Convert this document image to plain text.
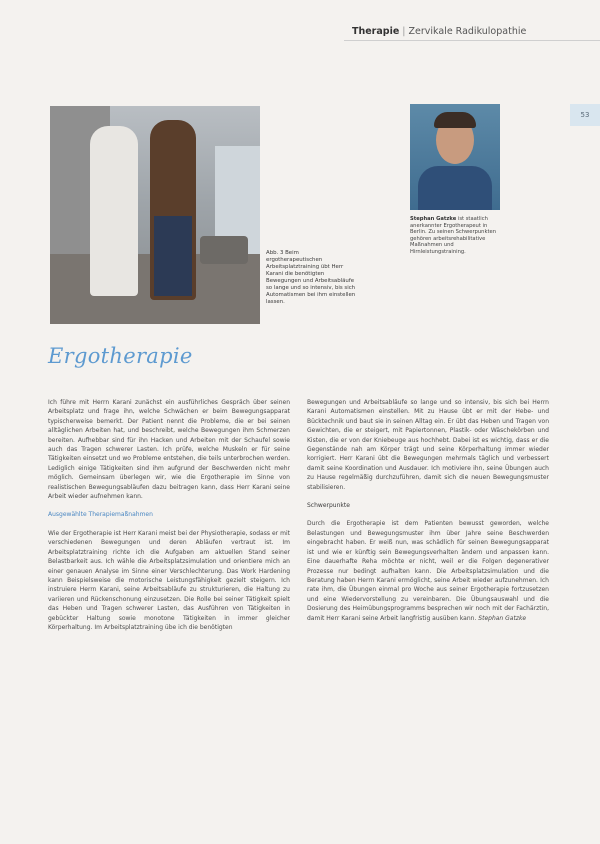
Therapie | Zervikale Radikulopathie
53
Abb. 3 Beim ergotherapeutischen Arbeitsplatztraining übt Herr Karani die benötigten Bewegungen und Arbeitsabläufe so lange und so intensiv, bis sich Automatismen bei ihm einstellen lassen.
Stephan Gatzke ist staatlich anerkannter Ergotherapeut in Berlin. Zu seinen Schwerpunkten gehören arbeitsrehabilitative Maßnahmen und Hirnleistungstraining.
Ergotherapie

Ich führe mit Herrn Karani zunächst ein ausführliches Gespräch über seinen Arbeitsplatz und frage ihn, welche Schwächen er beim Bewegungsapparat typischerweise bemerkt. Der Patient nennt die Probleme, die er bei seinen alltäglichen Arbeiten hat, und beschreibt, welche Bewegungen ihm Schmerzen bereiten. Aufhebbar sind für ihn Hacken und Arbeiten mit der Schaufel sowie auch das Tragen schwerer Lasten. Ich prüfe, welche Muskeln er für seine Tätigkeiten einsetzt und wo Probleme entstehen, die teils unterbrochen werden. Lediglich einige Tätigkeiten sind ihm aufgrund der Beschwerden nicht mehr möglich. Gemeinsam überlegen wir, wie die Ergotherapie im Sinne von realistischen Bewegungsabläufen dazu beitragen kann, dass Herr Karani seine Arbeit wieder aufnehmen kann.

Ausgewählte Therapiemaßnahmen

Wie der Ergotherapie ist Herr Karani meist bei der Physiotherapie, sodass er mit verschiedenen Bewegungen und deren Abläufen vertraut ist. Im Arbeitsplatztraining richte ich die Aufgaben am aktuellen Stand seiner Belastbarkeit aus. Ich wähle die Arbeitsplatzsimulation und orientiere mich an einer genauen Analyse im Sinne einer Verschlechterung. Das Work Hardening kann Beispielsweise die motorische Leistungsfähigkeit gezielt steigern. Ich instruiere Herrn Karani, seine Arbeitsabläufe zu strukturieren, die Haltung zu variieren und Rückenschonung einzusetzen. Die Rolle bei seiner Tätigkeit spielt das Heben und Tragen schwerer Lasten, das Ausführen von Tätigkeiten in gebückter Haltung sowie monotone Tätigkeiten in immer gleicher Körperhaltung. Im Arbeitsplatztraining übe ich die benötigten

Bewegungen und Arbeitsabläufe so lange und so intensiv, bis sich bei Herrn Karani Automatismen einstellen. Mit zu Hause übt er mit der Hebe- und Bücktechnik und baut sie in seinen Alltag ein. Er übt das Heben und Tragen von Gewichten, die er steigert, mit Papiertonnen, Plastik- oder Wäschekörben und Kisten, die er von der Kniebeuge aus hochhebt. Dabei ist es wichtig, dass er die Gegenstände nah am Körper trägt und seine Körperhaltung immer wieder korrigiert. Herr Karani übt die Bewegungen mehrmals täglich und verbessert damit seine Koordination und Ausdauer. Ich motiviere ihn, seine Übungen auch zu Hause regelmäßig durchzuführen, damit sich die neuen Bewegungsmuster stabilisieren.

Schwerpunkte

Durch die Ergotherapie ist dem Patienten bewusst geworden, welche Belastungen und Bewegungsmuster ihm über Jahre seine Beschwerden eingebracht haben. Er weiß nun, was schädlich für seinen Bewegungsapparat ist und wie er künftig sein Bewegungsverhalten ändern und anpassen kann. Eine dauerhafte Reha möchte er nicht, weil er die Folgen degenerativer Prozesse nur bedingt aufhalten kann. Die Arbeitsplatzsimulation und die Beratung haben Herrn Karani ermöglicht, seine Arbeit wieder aufzunehmen. Ich rate ihm, die Übungen einmal pro Woche aus seiner Ergotherapie fortzusetzen und eine Wiedervorstellung zu vereinbaren. Die Übungsauswahl und die Dosierung des Heimübungsprogramms besprechen wir noch mit der Fachärztin, damit Herr Karani seine Arbeit langfristig ausüben kann. Stephan Gatzke
